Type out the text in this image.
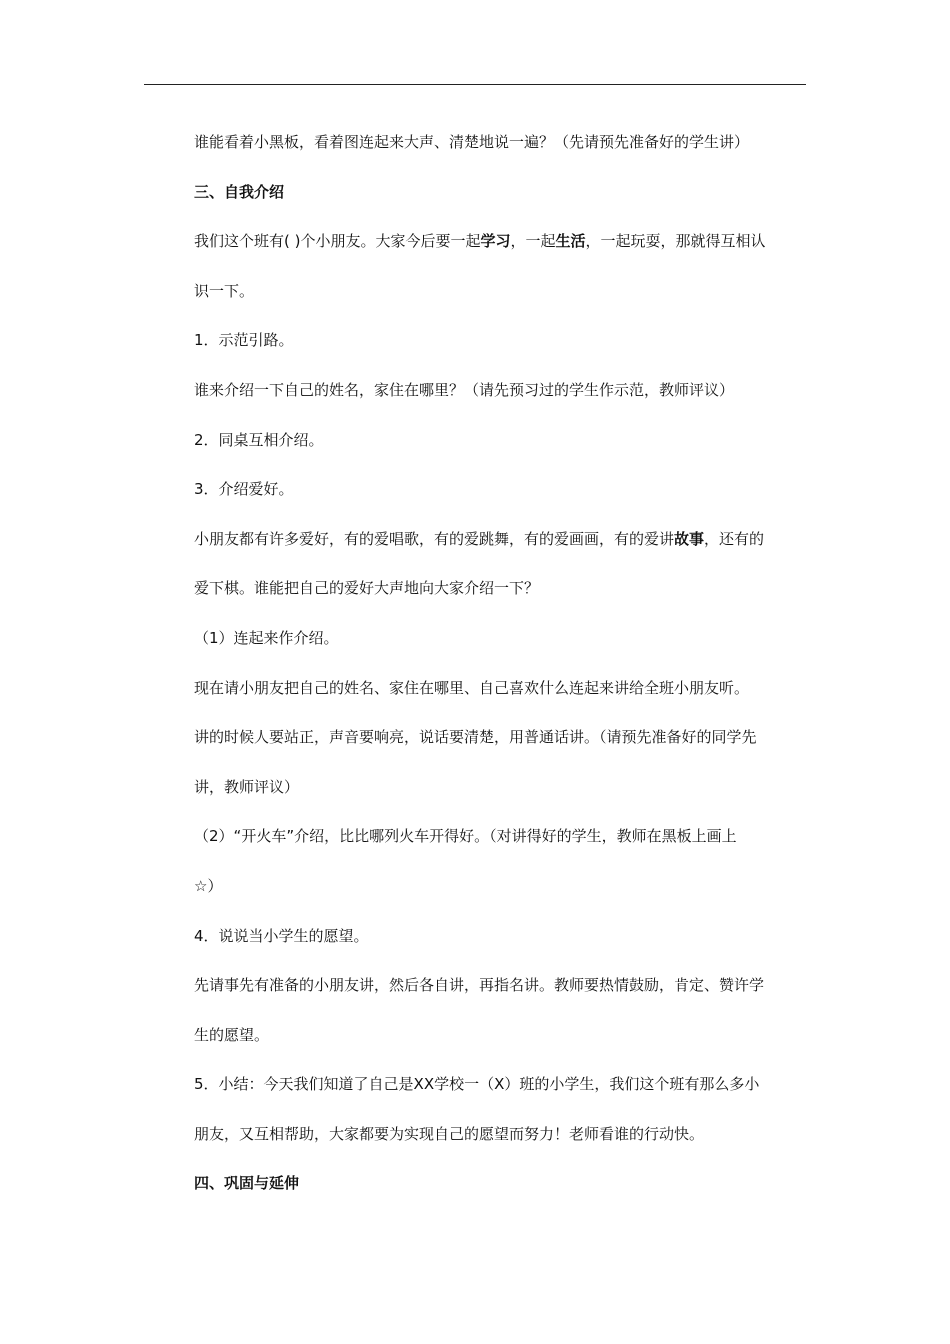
谁能看着小黑板，看着图连起来大声、清楚地说一遍？（先请预先准备好的学生讲）

三、自我介绍

我们这个班有( )个小朋友。大家今后要一起学习，一起生活，一起玩耍，那就得互相认

识一下。

1．示范引路。

谁来介绍一下自己的姓名，家住在哪里？（请先预习过的学生作示范，教师评议）

2．同桌互相介绍。

3．介绍爱好。

小朋友都有许多爱好，有的爱唱歌，有的爱跳舞，有的爱画画，有的爱讲故事，还有的

爱下棋。谁能把自己的爱好大声地向大家介绍一下？

（1）连起来作介绍。

现在请小朋友把自己的姓名、家住在哪里、自己喜欢什么连起来讲给全班小朋友听。

讲的时候人要站正，声音要响亮，说话要清楚，用普通话讲。（请预先准备好的同学先

讲，教师评议）

（2）“开火车”介绍，比比哪列火车开得好。（对讲得好的学生，教师在黑板上画上

☆）

4．说说当小学生的愿望。

先请事先有准备的小朋友讲，然后各自讲，再指名讲。教师要热情鼓励，肯定、赞许学

生的愿望。

5．小结：今天我们知道了自己是XX学校一（X）班的小学生，我们这个班有那么多小

朋友，又互相帮助，大家都要为实现自己的愿望而努力！老师看谁的行动快。

四、巩固与延伸
